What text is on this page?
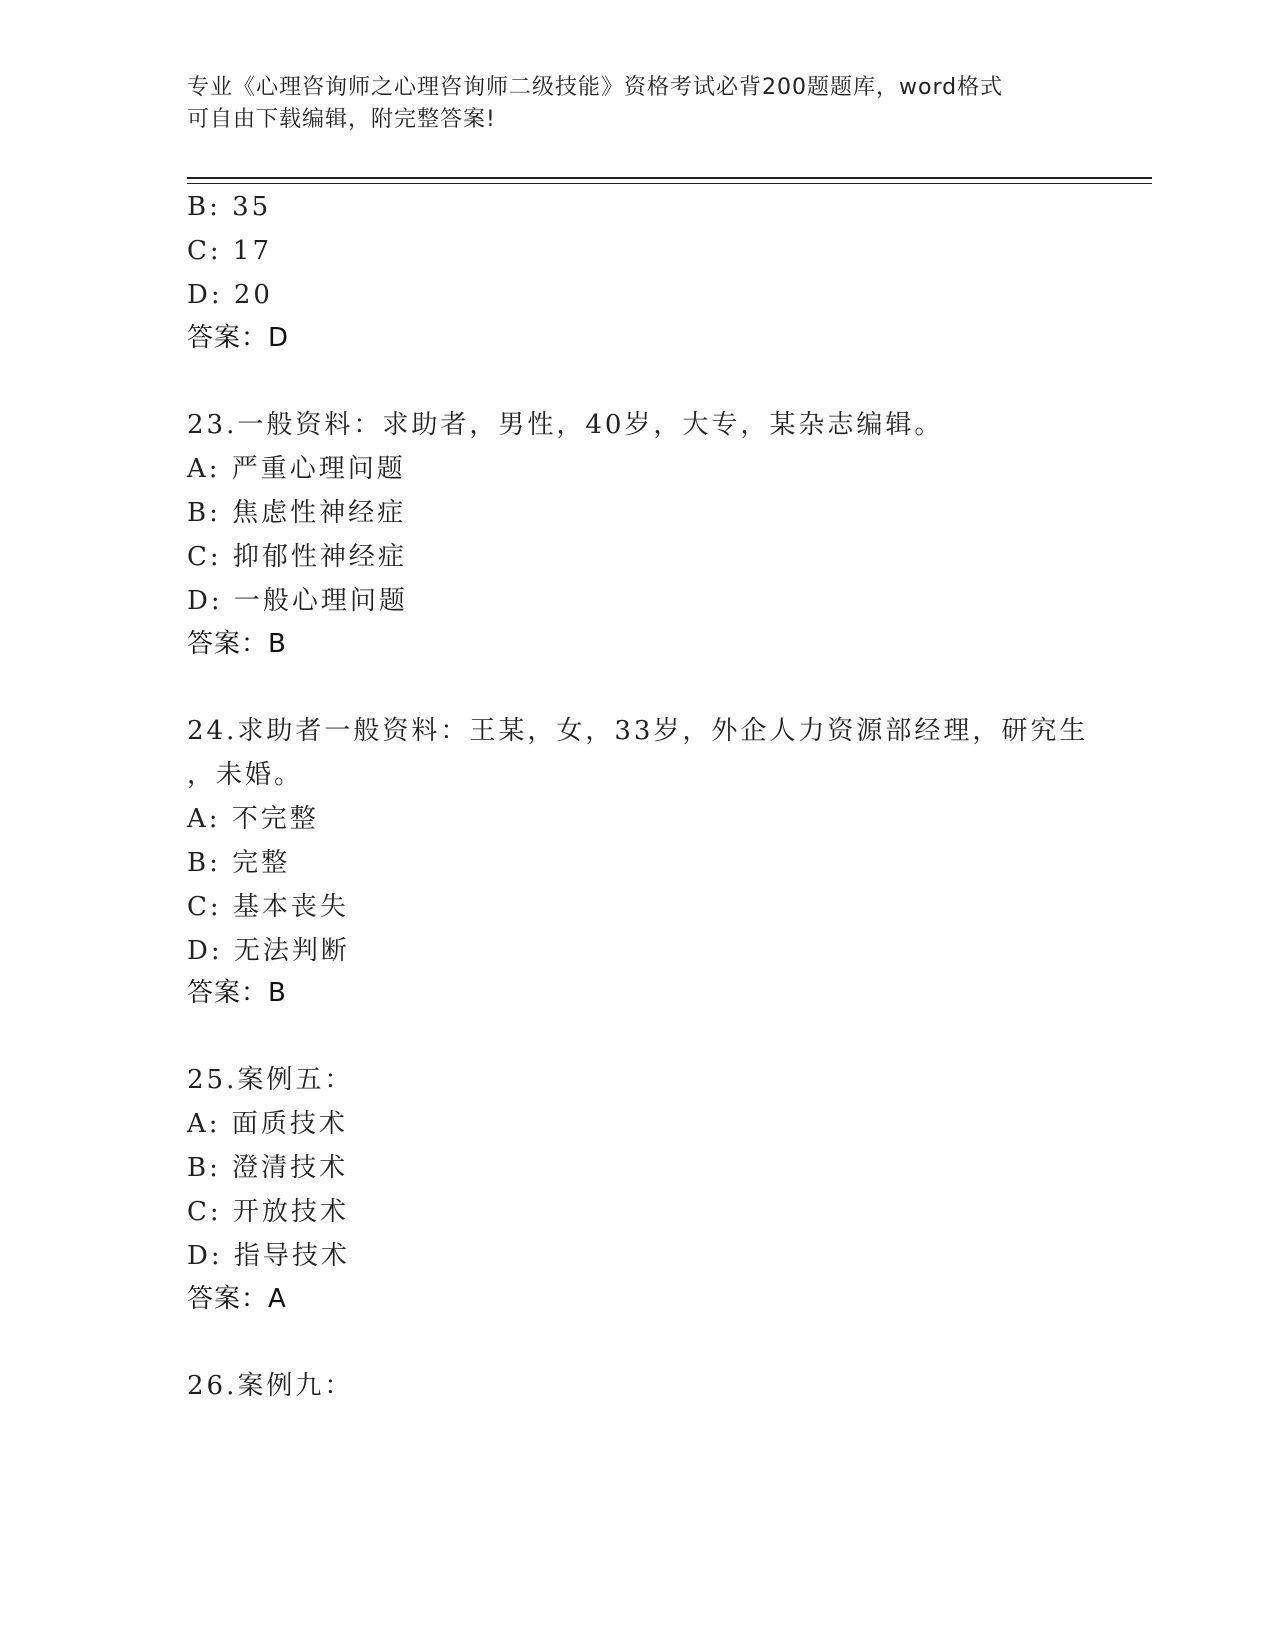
专业《心理咨询师之心理咨询师二级技能》资格考试必背200题题库，word格式
可自由下载编辑，附完整答案!
B: 35
C: 17
D: 20
答案：D
23.一般资料：求助者，男性，40岁，大专，某杂志编辑。
A: 严重心理问题
B: 焦虑性神经症
C: 抑郁性神经症
D: 一般心理问题
答案：B
24.求助者一般资料：王某，女，33岁，外企人力资源部经理，研究生
，未婚。
A: 不完整
B: 完整
C: 基本丧失
D: 无法判断
答案：B
25.案例五：
A: 面质技术
B: 澄清技术
C: 开放技术
D: 指导技术
答案：A
26.案例九：
